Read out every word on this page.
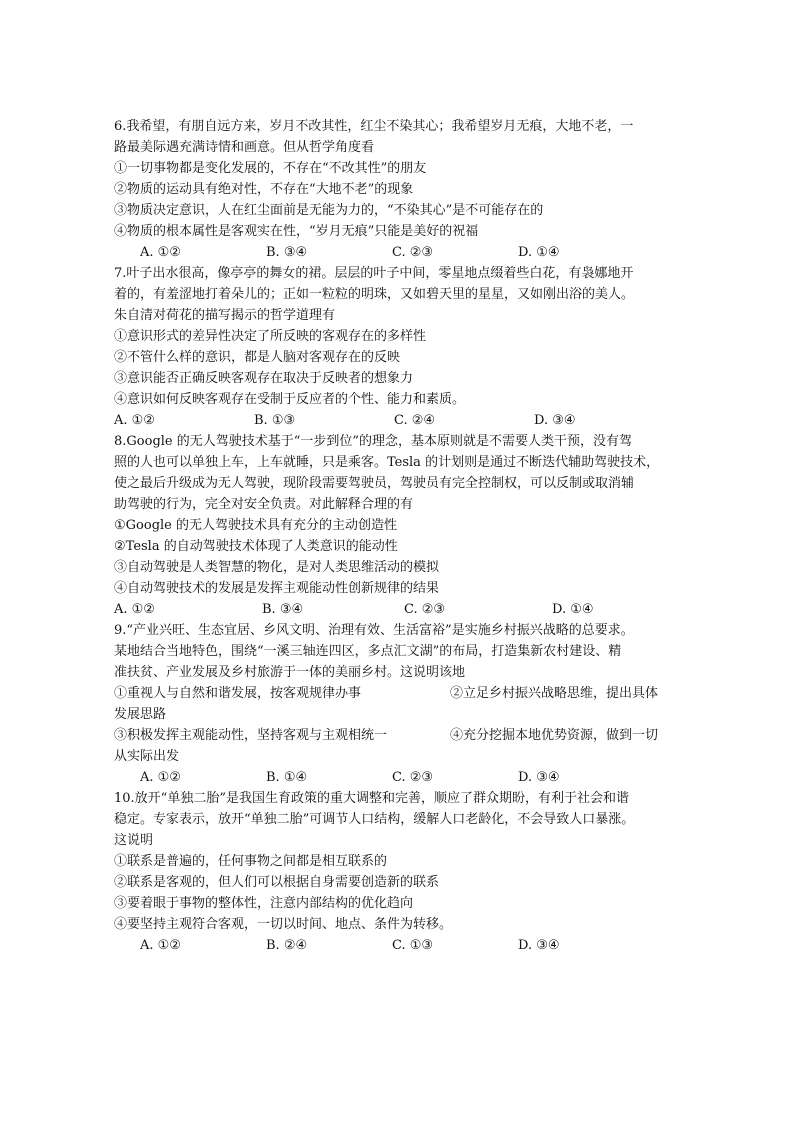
6.我希望，有朋自远方来，岁月不改其性，红尘不染其心；我希望岁月无痕，大地不老，一
路最美际遇充满诗情和画意。但从哲学角度看
①一切事物都是变化发展的，不存在“不改其性”的朋友
②物质的运动具有绝对性，不存在“大地不老”的现象
③物质决定意识，人在红尘面前是无能为力的，“不染其心”是不可能存在的
④物质的根本属性是客观实在性，“岁月无痕”只能是美好的祝福
A. ①②	B. ③④	C. ②③	D. ①④
7.叶子出水很高，像亭亭的舞女的裙。层层的叶子中间，零星地点缀着些白花，有袅娜地开
着的，有羞涩地打着朵儿的；正如一粒粒的明珠，又如碧天里的星星，又如刚出浴的美人。
朱自清对荷花的描写揭示的哲学道理有
①意识形式的差异性决定了所反映的客观存在的多样性
②不管什么样的意识，都是人脑对客观存在的反映
③意识能否正确反映客观存在取决于反映者的想象力
④意识如何反映客观存在受制于反应者的个性、能力和素质。
A. ①②	B. ①③	C. ②④	D. ③④
8.Google 的无人驾驶技术基于“一步到位”的理念，基本原则就是不需要人类干预，没有驾
照的人也可以单独上车，上车就睡，只是乘客。Tesla 的计划则是通过不断迭代辅助驾驶技术，
使之最后升级成为无人驾驶，现阶段需要驾驶员，驾驶员有完全控制权，可以反制或取消辅
助驾驶的行为，完全对安全负责。对此解释合理的有
①Google 的无人驾驶技术具有充分的主动创造性
②Tesla 的自动驾驶技术体现了人类意识的能动性
③自动驾驶是人类智慧的物化，是对人类思维活动的模拟
④自动驾驶技术的发展是发挥主观能动性创新规律的结果
A. ①②	B. ③④	C. ②③	D. ①④
9.“产业兴旺、生态宜居、乡风文明、治理有效、生活富裕”是实施乡村振兴战略的总要求。
某地结合当地特色，围绕“一溪三轴连四区，多点汇文湖”的布局，打造集新农村建设、精
准扶贫、产业发展及乡村旅游于一体的美丽乡村。这说明该地
①重视人与自然和谐发展，按客观规律办事	②立足乡村振兴战略思维，提出具体
发展思路
③积极发挥主观能动性，坚持客观与主观相统一	④充分挖掘本地优势资源，做到一切
从实际出发
A. ①②	B. ①④	C. ②③	D. ③④
10.放开“单独二胎”是我国生育政策的重大调整和完善，顺应了群众期盼，有利于社会和谐
稳定。专家表示，放开“单独二胎”可调节人口结构，缓解人口老龄化，不会导致人口暴涨。
这说明
①联系是普遍的，任何事物之间都是相互联系的
②联系是客观的，但人们可以根据自身需要创造新的联系
③要着眼于事物的整体性，注意内部结构的优化趋向
④要坚持主观符合客观，一切以时间、地点、条件为转移。
A. ①②	B. ②④	C. ①③	D. ③④
